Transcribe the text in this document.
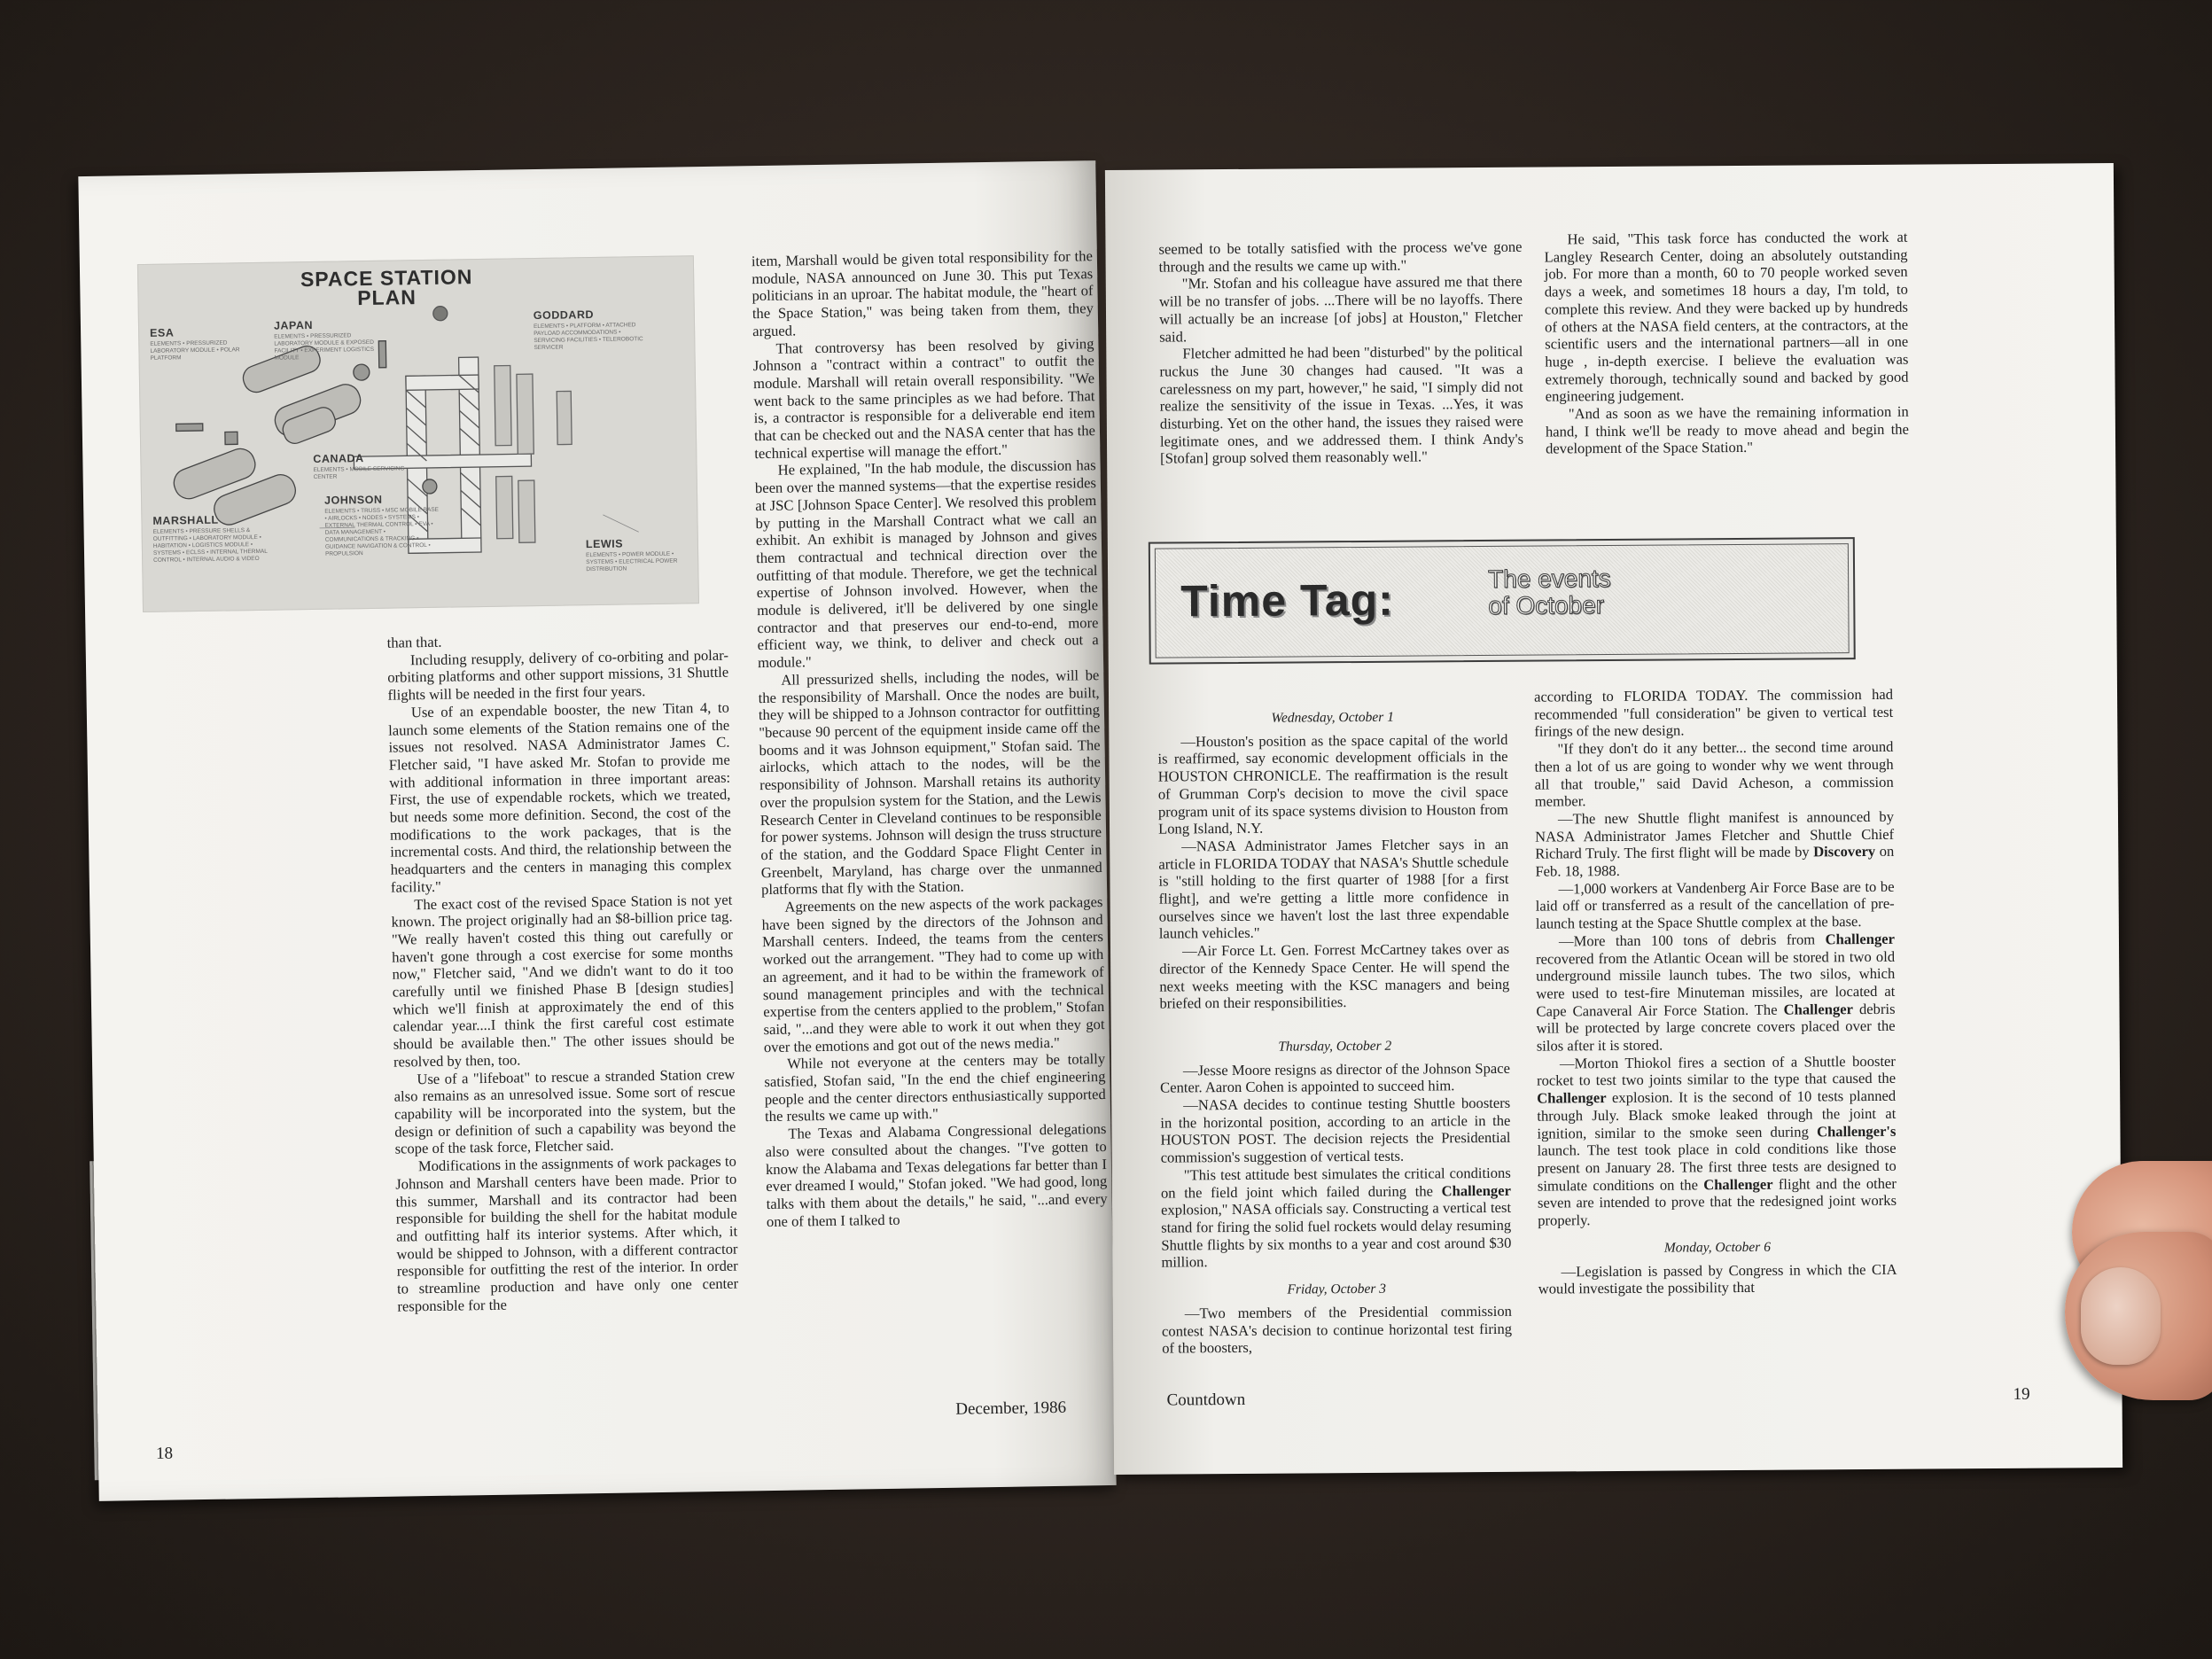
SPACE STATION PLAN
ESA
ELEMENTS • PRESSURIZED LABORATORY MODULE • POLAR PLATFORM
JAPAN
ELEMENTS • PRESSURIZED LABORATORY MODULE & EXPOSED FACILITY • EXPERIMENT LOGISTICS MODULE
GODDARD
ELEMENTS • PLATFORM • ATTACHED PAYLOAD ACCOMMODATIONS • SERVICING FACILITIES • TELEROBOTIC SERVICER
CANADA
ELEMENTS • MOBILE SERVICING CENTER
JOHNSON
ELEMENTS • TRUSS • MSC MOBILE BASE • AIRLOCKS • NODES • SYSTEMS • EXTERNAL THERMAL CONTROL • EVA • DATA MANAGEMENT • COMMUNICATIONS & TRACKING • GUIDANCE NAVIGATION & CONTROL • PROPULSION
MARSHALL
ELEMENTS • PRESSURE SHELLS & OUTFITTING • LABORATORY MODULE • HABITATION • LOGISTICS MODULE • SYSTEMS • ECLSS • INTERNAL THERMAL CONTROL • INTERNAL AUDIO & VIDEO
LEWIS
ELEMENTS • POWER MODULE • SYSTEMS • ELECTRICAL POWER DISTRIBUTION

than that.

Including resupply, delivery of co-orbiting and polar-orbiting platforms and other support missions, 31 Shuttle flights will be needed in the first four years.

Use of an expendable booster, the new Titan 4, to launch some elements of the Station remains one of the issues not resolved. NASA Administrator James C. Fletcher said, "I have asked Mr. Stofan to provide me with additional information in three important areas: First, the use of expendable rockets, which we treated, but needs some more definition. Second, the cost of the modifications to the work packages, that is the incremental costs. And third, the relationship between the headquarters and the centers in managing this complex facility."

The exact cost of the revised Space Station is not yet known. The project originally had an $8-billion price tag. "We really haven't costed this thing out carefully or haven't gone through a cost exercise for some months now," Fletcher said, "And we didn't want to do it too carefully until we finished Phase B [design studies] which we'll finish at approximately the end of this calendar year....I think the first careful cost estimate should be available then." The other issues should be resolved by then, too.

Use of a "lifeboat" to rescue a stranded Station crew also remains as an unresolved issue. Some sort of rescue capability will be incorporated into the system, but the design or definition of such a capability was beyond the scope of the task force, Fletcher said.

Modifications in the assignments of work packages to Johnson and Marshall centers have been made. Prior to this summer, Marshall and its contractor had been responsible for building the shell for the habitat module and outfitting half its interior systems. After which, it would be shipped to Johnson, with a different contractor responsible for outfitting the rest of the interior. In order to streamline production and have only one center responsible for the

item, Marshall would be given total responsibility for the module, NASA announced on June 30. This put Texas politicians in an uproar. The habitat module, the "heart of the Space Station," was being taken from them, they argued.

That controversy has been resolved by giving Johnson a "contract within a contract" to outfit the module. Marshall will retain overall responsibility. "We went back to the same principles as we had before. That is, a contractor is responsible for a deliverable end item that can be checked out and the NASA center that has the technical expertise will manage the effort."

He explained, "In the hab module, the discussion has been over the manned systems—that the expertise resides at JSC [Johnson Space Center]. We resolved this problem by putting in the Marshall Contract what we call an exhibit. An exhibit is managed by Johnson and gives them contractual and technical direction over the outfitting of that module. Therefore, we get the technical expertise of Johnson involved. However, when the module is delivered, it'll be delivered by one single contractor and that preserves our end-to-end, more efficient way, we think, to deliver and check out a module."

All pressurized shells, including the nodes, will be the responsibility of Marshall. Once the nodes are built, they will be shipped to a Johnson contractor for outfitting "because 90 percent of the equipment inside came off the booms and it was Johnson equipment," Stofan said. The airlocks, which attach to the nodes, will be the responsibility of Johnson. Marshall retains its authority over the propulsion system for the Station, and the Lewis Research Center in Cleveland continues to be responsible for power systems. Johnson will design the truss structure of the station, and the Goddard Space Flight Center in Greenbelt, Maryland, has charge over the unmanned platforms that fly with the Station.

Agreements on the new aspects of the work packages have been signed by the directors of the Johnson and Marshall centers. Indeed, the teams from the centers worked out the arrangement. "They had to come up with an agreement, and it had to be within the framework of sound management principles and with the technical expertise from the centers applied to the problem," Stofan said, "...and they were able to work it out when they got over the emotions and got out of the news media."

While not everyone at the centers may be totally satisfied, Stofan said, "In the end the chief engineering people and the center directors enthusiastically supported the results we came up with."

The Texas and Alabama Congressional delegations also were consulted about the changes. "I've gotten to know the Alabama and Texas delegations far better than I ever dreamed I would," Stofan joked. "We had good, long talks with them about the details," he said, "...and every one of them I talked to

18
December, 1986

seemed to be totally satisfied with the process we've gone through and the results we came up with."

"Mr. Stofan and his colleague have assured me that there will be no transfer of jobs. ...There will be no layoffs. There will actually be an increase [of jobs] at Houston," Fletcher said.

Fletcher admitted he had been "disturbed" by the political ruckus the June 30 changes had caused. "It was a carelessness on my part, however," he said, "I simply did not realize the sensitivity of the issue in Texas. ...Yes, it was disturbing. Yet on the other hand, the issues they raised were legitimate ones, and we addressed them. I think Andy's [Stofan] group solved them reasonably well."

He said, "This task force has conducted the work at Langley Research Center, doing an absolutely outstanding job. For more than a month, 60 to 70 people worked seven days a week, and sometimes 18 hours a day, I'm told, to complete this review. And they were backed up by hundreds of others at the NASA field centers, at the contractors, at the scientific users and the international partners—all in one huge , in-depth exercise. I believe the evaluation was extremely thorough, technically sound and backed by good engineering judgement.

"And as soon as we have the remaining information in hand, I think we'll be ready to move ahead and begin the development of the Space Station."

Time Tag:	The events
of October
Wednesday, October 1

—Houston's position as the space capital of the world is reaffirmed, say economic development officials in the HOUSTON CHRONICLE. The reaffirmation is the result of Grumman Corp's decision to move the civil space program unit of its space systems division to Houston from Long Island, N.Y.

—NASA Administrator James Fletcher says in an article in FLORIDA TODAY that NASA's Shuttle schedule is "still holding to the first quarter of 1988 [for a first flight], and we're getting a little more confidence in ourselves since we haven't lost the last three expendable launch vehicles."

—Air Force Lt. Gen. Forrest McCartney takes over as director of the Kennedy Space Center. He will spend the next weeks meeting with the KSC managers and being briefed on their responsibilities.

Thursday, October 2

—Jesse Moore resigns as director of the Johnson Space Center. Aaron Cohen is appointed to succeed him.

—NASA decides to continue testing Shuttle boosters in the horizontal position, according to an article in the HOUSTON POST. The decision rejects the Presidential commission's suggestion of vertical tests.

"This test attitude best simulates the critical conditions on the field joint which failed during the Challenger explosion," NASA officials say. Constructing a vertical test stand for firing the solid fuel rockets would delay resuming Shuttle flights by six months to a year and cost around $30 million.

Friday, October 3

—Two members of the Presidential commission contest NASA's decision to continue horizontal test firing of the boosters,

according to FLORIDA TODAY. The commission had recommended "full consideration" be given to vertical test firings of the new design.

"If they don't do it any better... the second time around then a lot of us are going to wonder why we went through all that trouble," said David Acheson, a commission member.

—The new Shuttle flight manifest is announced by NASA Administrator James Fletcher and Shuttle Chief Richard Truly. The first flight will be made by Discovery on Feb. 18, 1988.

—1,000 workers at Vandenberg Air Force Base are to be laid off or transferred as a result of the cancellation of pre-launch testing at the Space Shuttle complex at the base.

—More than 100 tons of debris from Challenger recovered from the Atlantic Ocean will be stored in two old underground missile launch tubes. The two silos, which were used to test-fire Minuteman missiles, are located at Cape Canaveral Air Force Station. The Challenger debris will be protected by large concrete covers placed over the silos after it is stored.

—Morton Thiokol fires a section of a Shuttle booster rocket to test two joints similar to the type that caused the Challenger explosion. It is the second of 10 tests planned through July. Black smoke leaked through the joint at ignition, similar to the smoke seen during Challenger's launch. The test took place in cold conditions like those present on January 28. The first three tests are designed to simulate conditions on the Challenger flight and the other seven are intended to prove that the redesigned joint works properly.

Monday, October 6

—Legislation is passed by Congress in which the CIA would investigate the possibility that

Countdown	19
